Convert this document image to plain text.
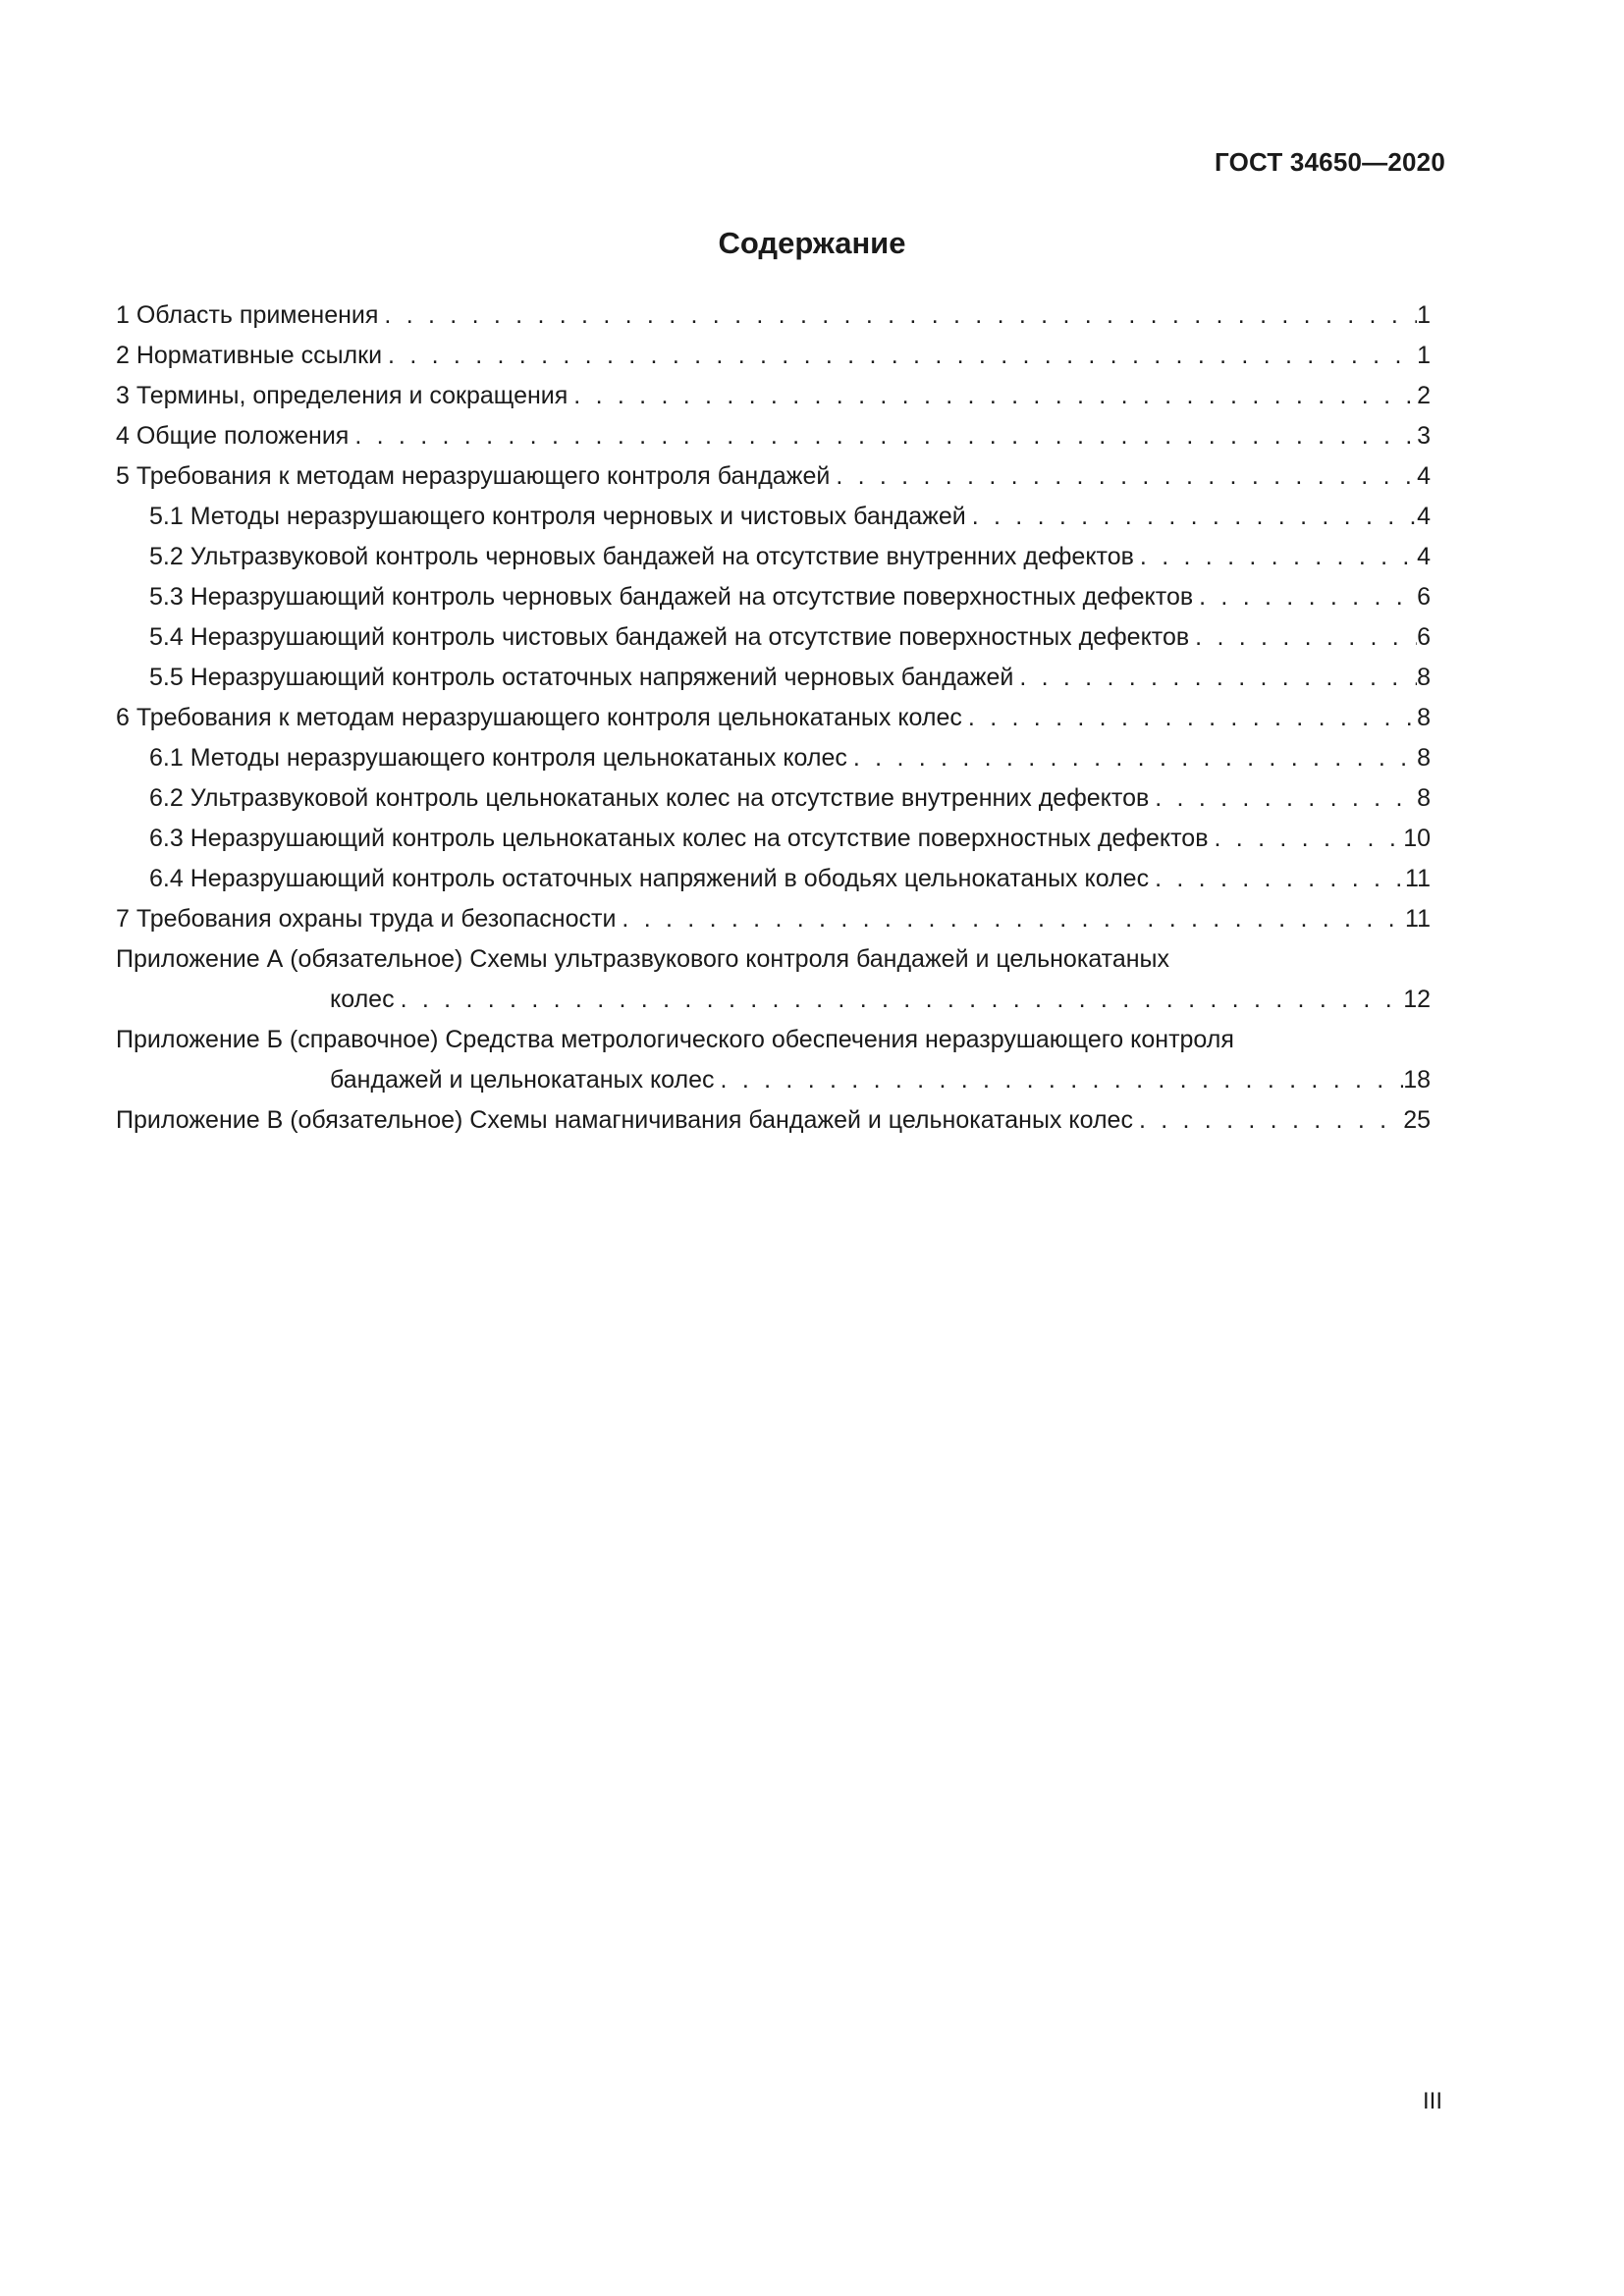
ГОСТ 34650—2020
Содержание
1 Область применения . . .	1
2 Нормативные ссылки . . .	1
3 Термины, определения и сокращения . . .	2
4 Общие положения . . .	3
5 Требования к методам неразрушающего контроля бандажей . . .	4
5.1 Методы неразрушающего контроля черновых и чистовых бандажей . . .	4
5.2 Ультразвуковой контроль черновых бандажей на отсутствие внутренних дефектов . . .	4
5.3 Неразрушающий контроль черновых бандажей на отсутствие поверхностных дефектов . . .	6
5.4 Неразрушающий контроль чистовых бандажей на отсутствие поверхностных дефектов . . .	6
5.5 Неразрушающий контроль остаточных напряжений черновых бандажей . . .	8
6 Требования к методам неразрушающего контроля цельнокатаных колес . . .	8
6.1 Методы неразрушающего контроля цельнокатаных колес . . .	8
6.2 Ультразвуковой контроль цельнокатаных колес на отсутствие внутренних дефектов . . .	8
6.3 Неразрушающий контроль цельнокатаных колес на отсутствие поверхностных дефектов . . .	10
6.4 Неразрушающий контроль остаточных напряжений в ободьях цельнокатаных колес . . .	11
7 Требования охраны труда и безопасности . . .	11
Приложение А (обязательное) Схемы ультразвукового контроля бандажей и цельнокатаных
колес . . .	12
Приложение Б (справочное) Средства метрологического обеспечения неразрушающего контроля
бандажей и цельнокатаных колес . . .	18
Приложение В (обязательное) Схемы намагничивания бандажей и цельнокатаных колес . . .	25
III
